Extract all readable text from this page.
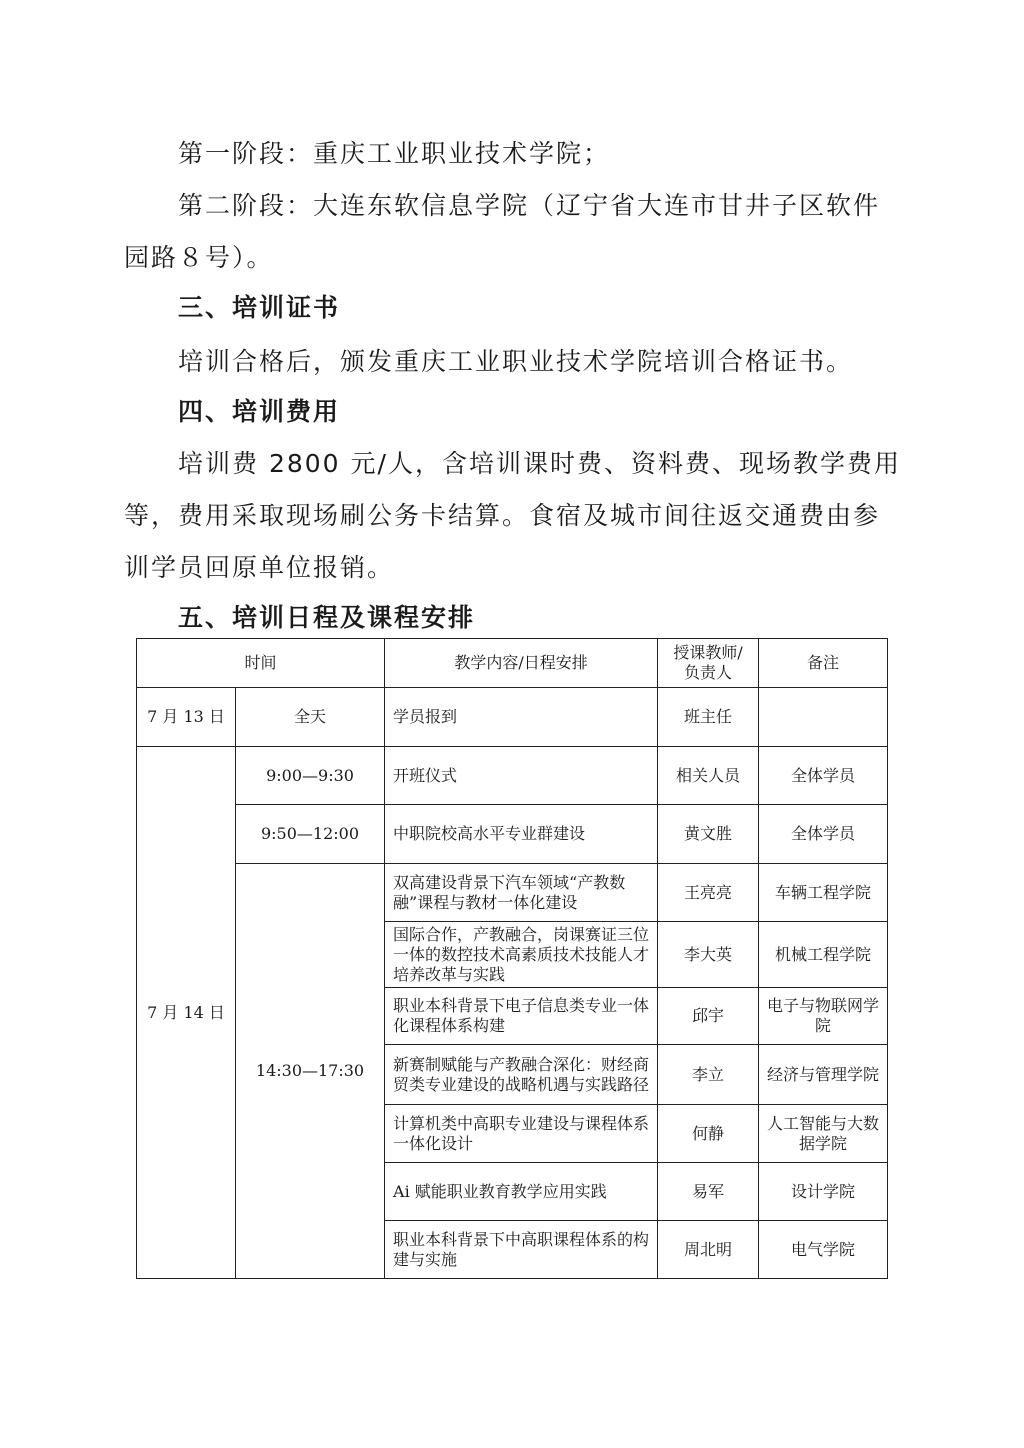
第一阶段：重庆工业职业技术学院；

第二阶段：大连东软信息学院（辽宁省大连市甘井子区软件园路８号）。

三、培训证书

培训合格后，颁发重庆工业职业技术学院培训合格证书。

四、培训费用

培训费 2800 元/人，含培训课时费、资料费、现场教学费用等，费用采取现场刷公务卡结算。食宿及城市间往返交通费由参训学员回原单位报销。

五、培训日程及课程安排
时间		教学内容/日程安排	授课教师/负责人	备注
7 月 13 日	全天	学员报到	班主任	
7 月 14 日	9:00—9:30	开班仪式	相关人员	全体学员
	9:50—12:00	中职院校高水平专业群建设	黄文胜	全体学员
	14:30—17:30	双高建设背景下汽车领域“产教数融”课程与教材一体化建设	王亮亮	车辆工程学院
		国际合作，产教融合，岗课赛证三位一体的数控技术高素质技术技能人才培养改革与实践	李大英	机械工程学院
		职业本科背景下电子信息类专业一体化课程体系构建	邱宇	电子与物联网学院
		新赛制赋能与产教融合深化：财经商贸类专业建设的战略机遇与实践路径	李立	经济与管理学院
		计算机类中高职专业建设与课程体系一体化设计	何静	人工智能与大数据学院
		Ai 赋能职业教育教学应用实践	易军	设计学院
		职业本科背景下中高职课程体系的构建与实施	周北明	电气学院
